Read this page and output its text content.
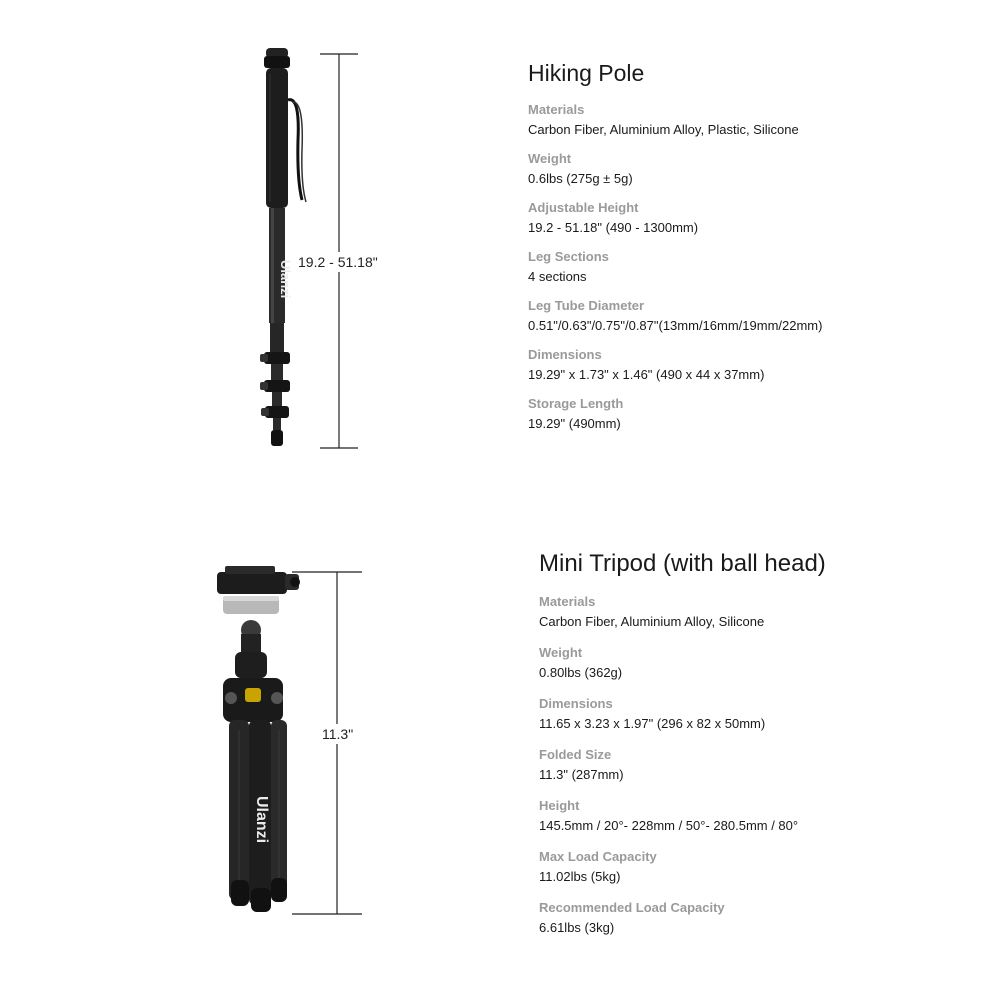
Ulanzi 19.2 - 51.18"
Hiking Pole
Materials
Carbon Fiber, Aluminium Alloy, Plastic, Silicone
Weight
0.6lbs (275g ± 5g)
Adjustable Height
19.2 - 51.18" (490 - 1300mm)
Leg Sections
4 sections
Leg Tube Diameter
0.51"/0.63"/0.75"/0.87"(13mm/16mm/19mm/22mm)
Dimensions
19.29" x 1.73" x 1.46" (490 x 44 x 37mm)
Storage Length
19.29" (490mm)
Ulanzi
11.3"
Mini Tripod (with ball head)
Materials
Carbon Fiber, Aluminium Alloy, Silicone
Weight
0.80lbs (362g)
Dimensions
11.65 x 3.23 x 1.97" (296 x 82 x 50mm)
Folded Size
11.3" (287mm)
Height
145.5mm / 20°- 228mm / 50°- 280.5mm / 80°
Max Load Capacity
11.02lbs (5kg)
Recommended Load Capacity
6.61lbs (3kg)
